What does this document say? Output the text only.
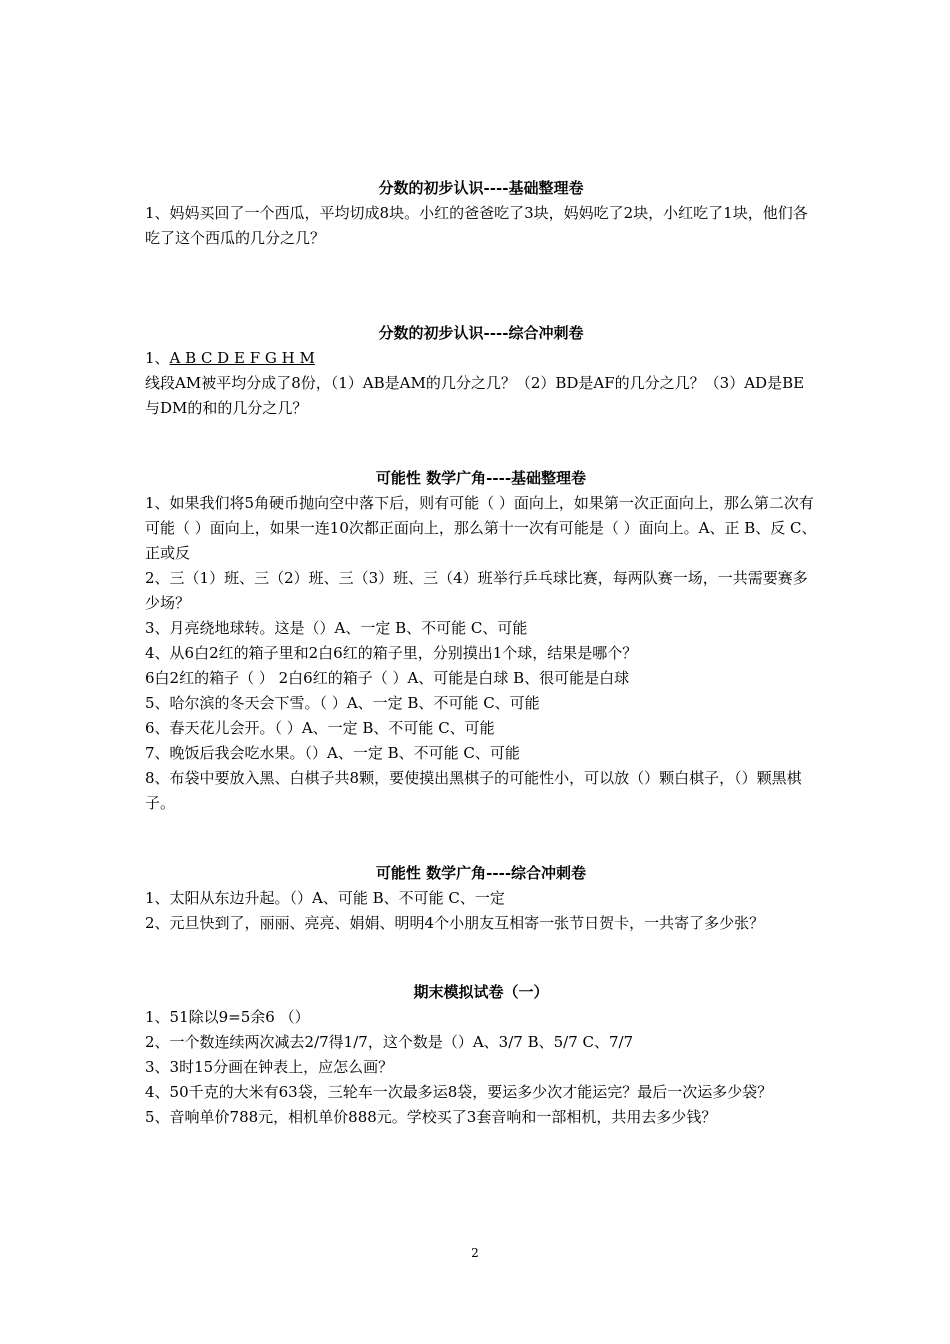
分数的初步认识----基础整理卷

1、妈妈买回了一个西瓜，平均切成8块。小红的爸爸吃了3块，妈妈吃了2块，小红吃了1块，他们各吃了这个西瓜的几分之几？

分数的初步认识----综合冲刺卷

1、A B C D E F G H M

线段AM被平均分成了8份，（1）AB是AM的几分之几？（2）BD是AF的几分之几？（3）AD是BE与DM的和的几分之几？

可能性 数学广角----基础整理卷

1、如果我们将5角硬币抛向空中落下后，则有可能（ ）面向上，如果第一次正面向上，那么第二次有可能（ ）面向上，如果一连10次都正面向上，那么第十一次有可能是（ ）面向上。A、正 B、反 C、正或反

2、三（1）班、三（2）班、三（3）班、三（4）班举行乒乓球比赛，每两队赛一场，一共需要赛多少场？

3、月亮绕地球转。这是（）A、一定 B、不可能 C、可能

4、从6白2红的箱子里和2白6红的箱子里，分别摸出1个球，结果是哪个？

6白2红的箱子（ ） 2白6红的箱子（ ）A、可能是白球 B、很可能是白球

5、哈尔滨的冬天会下雪。（ ）A、一定 B、不可能 C、可能

6、春天花儿会开。（ ）A、一定 B、不可能 C、可能

7、晚饭后我会吃水果。（）A、一定 B、不可能 C、可能

8、布袋中要放入黑、白棋子共8颗，要使摸出黑棋子的可能性小，可以放（）颗白棋子，（）颗黑棋子。

可能性 数学广角----综合冲刺卷

1、太阳从东边升起。（）A、可能 B、不可能 C、一定

2、元旦快到了，丽丽、亮亮、娟娟、明明4个小朋友互相寄一张节日贺卡，一共寄了多少张？

期末模拟试卷（一）

1、51除以9=5余6 （）

2、一个数连续两次减去2/7得1/7，这个数是（）A、3/7 B、5/7 C、7/7

3、3时15分画在钟表上，应怎么画？

4、50千克的大米有63袋，三轮车一次最多运8袋，要运多少次才能运完？最后一次运多少袋？

5、音响单价788元，相机单价888元。学校买了3套音响和一部相机，共用去多少钱？

2
